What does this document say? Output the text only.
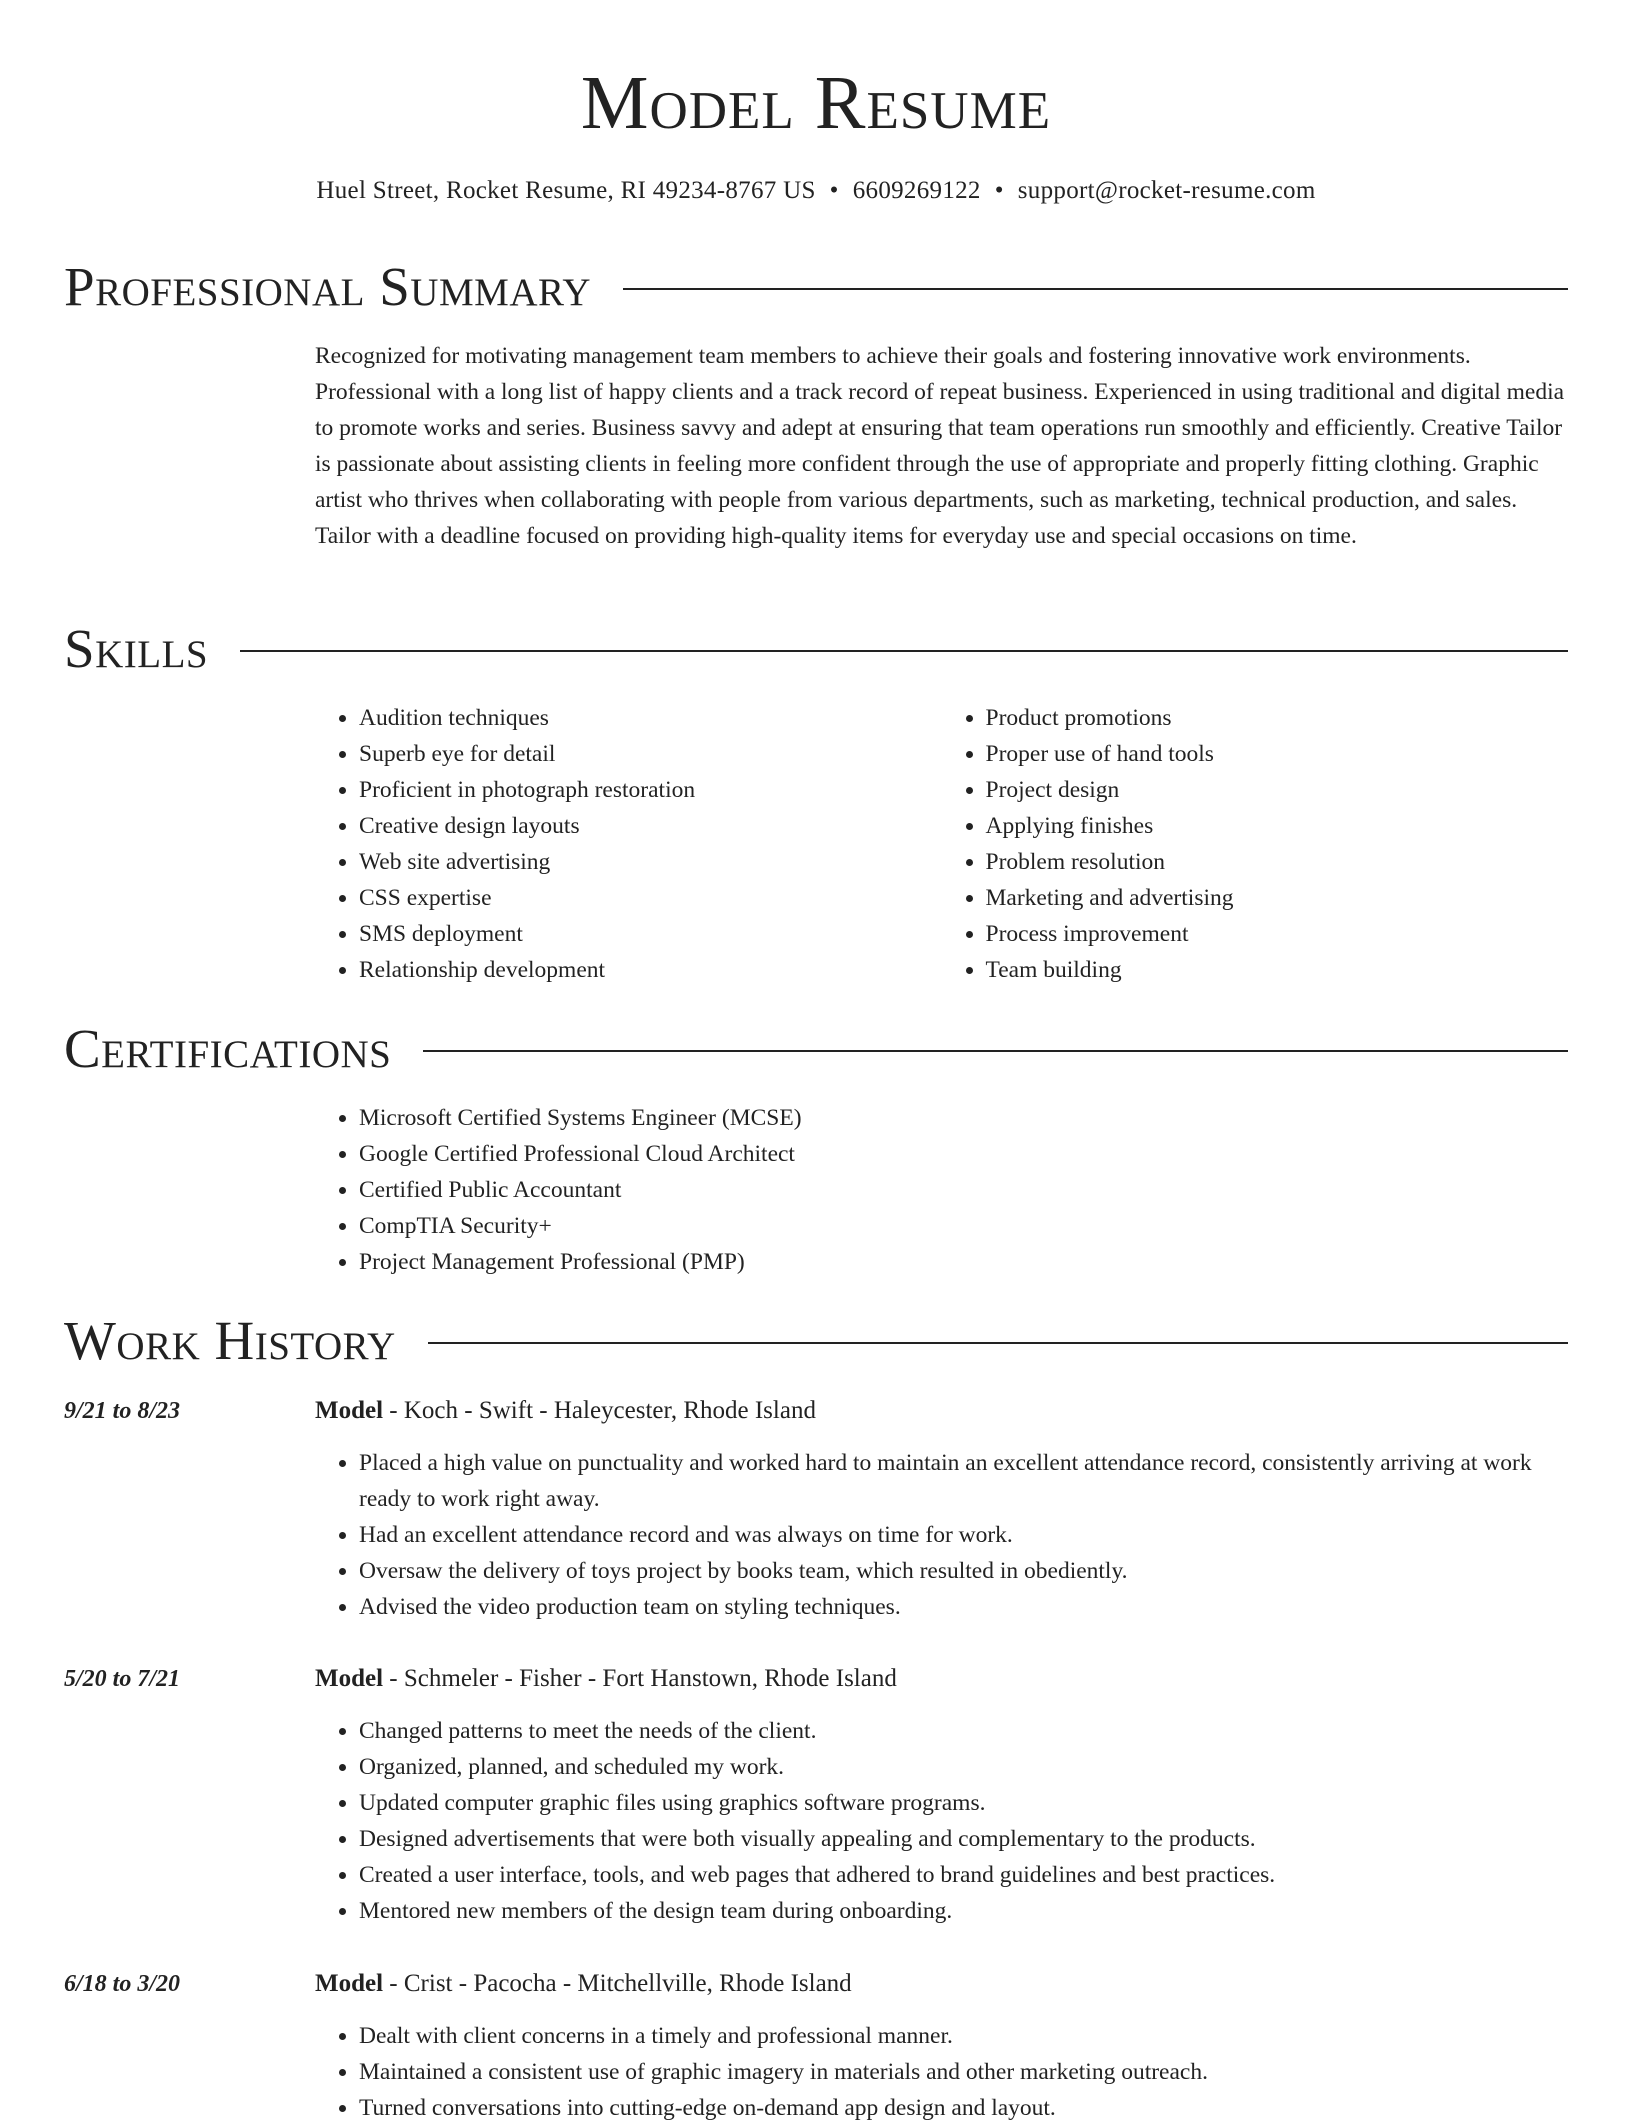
Model Resume
Huel Street, Rocket Resume, RI 49234-8767 US • 6609269122 • support@rocket-resume.com
Professional Summary

Recognized for motivating management team members to achieve their goals and fostering innovative work environments. Professional with a long list of happy clients and a track record of repeat business. Experienced in using traditional and digital media to promote works and series. Business savvy and adept at ensuring that team operations run smoothly and efficiently. Creative Tailor is passionate about assisting clients in feeling more confident through the use of appropriate and properly fitting clothing. Graphic artist who thrives when collaborating with people from various departments, such as marketing, technical production, and sales. Tailor with a deadline focused on providing high-quality items for everyday use and special occasions on time.

Skills
• Audition techniques
• Superb eye for detail
• Proficient in photograph restoration
• Creative design layouts
• Web site advertising
• CSS expertise
• SMS deployment
• Relationship development
• Product promotions
• Proper use of hand tools
• Project design
• Applying finishes
• Problem resolution
• Marketing and advertising
• Process improvement
• Team building
Certifications
• Microsoft Certified Systems Engineer (MCSE)
• Google Certified Professional Cloud Architect
• Certified Public Accountant
• CompTIA Security+
• Project Management Professional (PMP)
Work History
9/21 to 8/23	Model - Koch - Swift - Haleycester, Rhode Island
• Placed a high value on punctuality and worked hard to maintain an excellent attendance record, consistently arriving at work ready to work right away.
• Had an excellent attendance record and was always on time for work.
• Oversaw the delivery of toys project by books team, which resulted in obediently.
• Advised the video production team on styling techniques.
5/20 to 7/21	Model - Schmeler - Fisher - Fort Hanstown, Rhode Island
• Changed patterns to meet the needs of the client.
• Organized, planned, and scheduled my work.
• Updated computer graphic files using graphics software programs.
• Designed advertisements that were both visually appealing and complementary to the products.
• Created a user interface, tools, and web pages that adhered to brand guidelines and best practices.
• Mentored new members of the design team during onboarding.
6/18 to 3/20	Model - Crist - Pacocha - Mitchellville, Rhode Island
• Dealt with client concerns in a timely and professional manner.
• Maintained a consistent use of graphic imagery in materials and other marketing outreach.
• Turned conversations into cutting-edge on-demand app design and layout.
